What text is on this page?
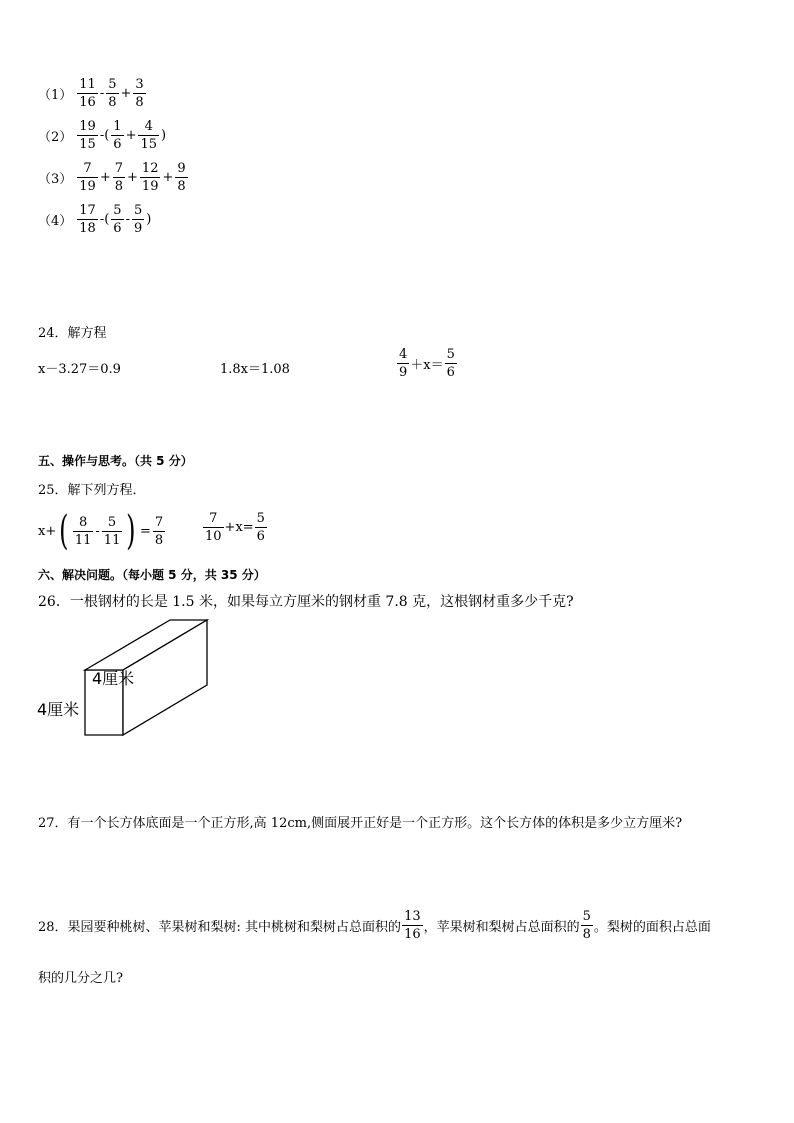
$(1) \frac{11}{16} - \frac{5}{8} + \frac{3}{8}$
$(2) \frac{19}{15}$ -( $\frac{1}{6} + \frac{4}{15}$ )
$(3) \frac{7}{19} + \frac{7}{8} + \frac{12}{19} + \frac{9}{8}$
$(4) \frac{17}{18}$ -( $\frac{5}{6} - \frac{5}{9}$ )
24．解方程
x－3.27＝0.9	1.8x＝1.08	$\frac{4}{9} +x= \frac{5}{6}$
五、操作与思考。（共 5 分）
25．解下列方程．
x+ ( $\frac{8}{11} - \frac{5}{11}$ ) = $\frac{7}{8}$	$\frac{7}{10} +x= \frac{5}{6}$
六、解决问题。（每小题 5 分，共 35 分）
26．一根钢材的长是 1.5 米，如果每立方厘米的钢材重 7.8 克，这根钢材重多少千克?
4厘米
4厘米
27．有一个长方体底面是一个正方形,高 12cm,侧面展开正好是一个正方形。这个长方体的体积是多少立方厘米?
28．果园要种桃树、苹果树和梨树: 其中桃树和梨树占总面积的 $\frac{13}{16}$ ，苹果树和梨树占总面积的 $\frac{5}{8}$ 。梨树的面积占总面
积的几分之几?
